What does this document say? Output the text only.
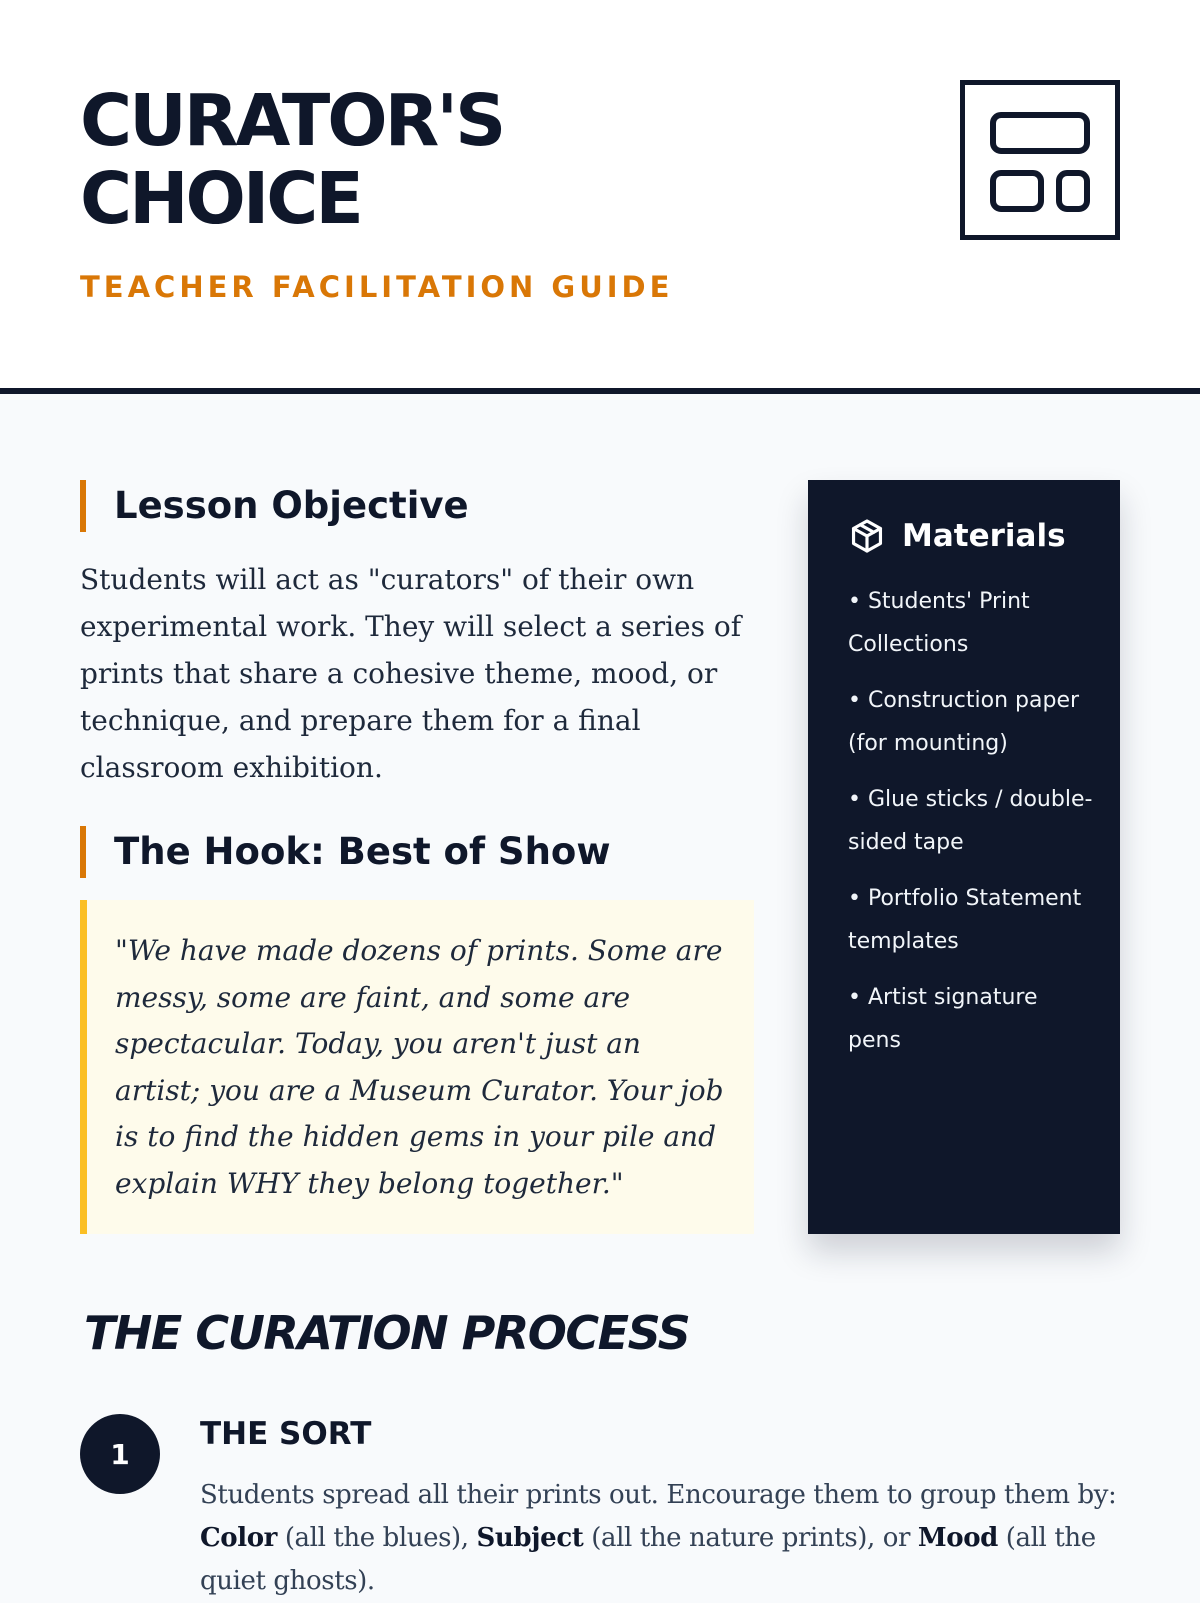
CURATOR'S
CHOICE
TEACHER FACILITATION GUIDE
Lesson Objective

Students will act as "curators" of their own experimental work. They will select a series of prints that share a cohesive theme, mood, or technique, and prepare them for a final classroom exhibition.

The Hook: Best of Show

"We have made dozens of prints. Some are messy, some are faint, and some are spectacular. Today, you aren't just an artist; you are a Museum Curator. Your job is to find the hidden gems in your pile and explain WHY they belong together."

Materials
• Students' Print Collections
• Construction paper (for mounting)
• Glue sticks / double-sided tape
• Portfolio Statement templates
• Artist signature pens
THE CURATION PROCESS
1
THE SORT

Students spread all their prints out. Encourage them to group them by: Color (all the blues), Subject (all the nature prints), or Mood (all the quiet ghosts).
